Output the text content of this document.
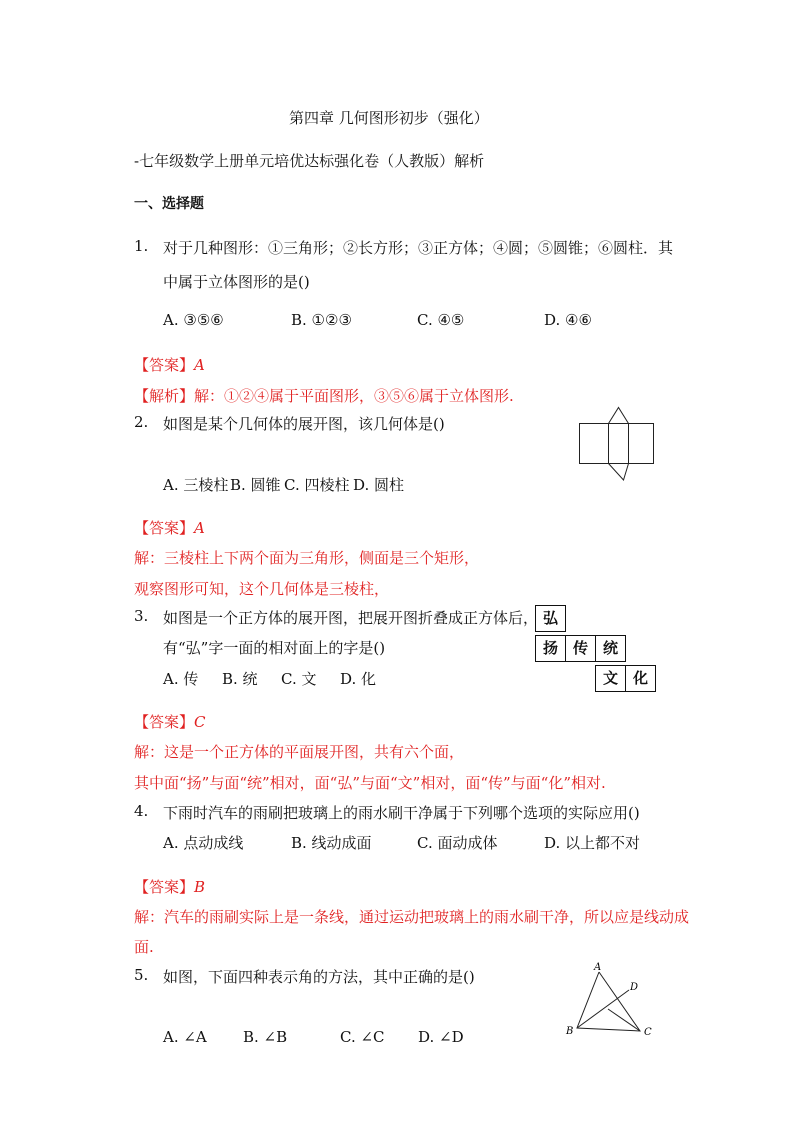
第四章 几何图形初步（强化）
-七年级数学上册单元培优达标强化卷（人教版）解析
一、选择题
1. 对于几种图形：①三角形；②长方形；③正方体；④圆；⑤圆锥；⑥圆柱．其
中属于立体图形的是()
A. ③⑤⑥	B. ①②③	C. ④⑤	D. ④⑥
【答案】A
【解析】解：①②④属于平面图形，③⑤⑥属于立体图形.
2. 如图是某个几何体的展开图，该几何体是()
A. 三棱柱 B. 圆锥 C. 四棱柱 D. 圆柱
【答案】A
解：三棱柱上下两个面为三角形，侧面是三个矩形，
观察图形可知，这个几何体是三棱柱，
3. 如图是一个正方体的展开图，把展开图折叠成正方体后，
有“弘”字一面的相对面上的字是()
弘
扬 传 统
文 化
A. 传 B. 统 C. 文 D. 化
【答案】C
解：这是一个正方体的平面展开图，共有六个面，
其中面“扬”与面“统”相对，面“弘”与面“文”相对，面“传”与面“化”相对.
4. 下雨时汽车的雨刷把玻璃上的雨水刷干净属于下列哪个选项的实际应用()
A. 点动成线	B. 线动成面	C. 面动成体	D. 以上都不对
【答案】B
解：汽车的雨刷实际上是一条线，通过运动把玻璃上的雨水刷干净，所以应是线动成
面.
5. 如图，下面四种表示角的方法，其中正确的是()
A
B	C
D
A. ∠A B. ∠B	C. ∠C D. ∠D
